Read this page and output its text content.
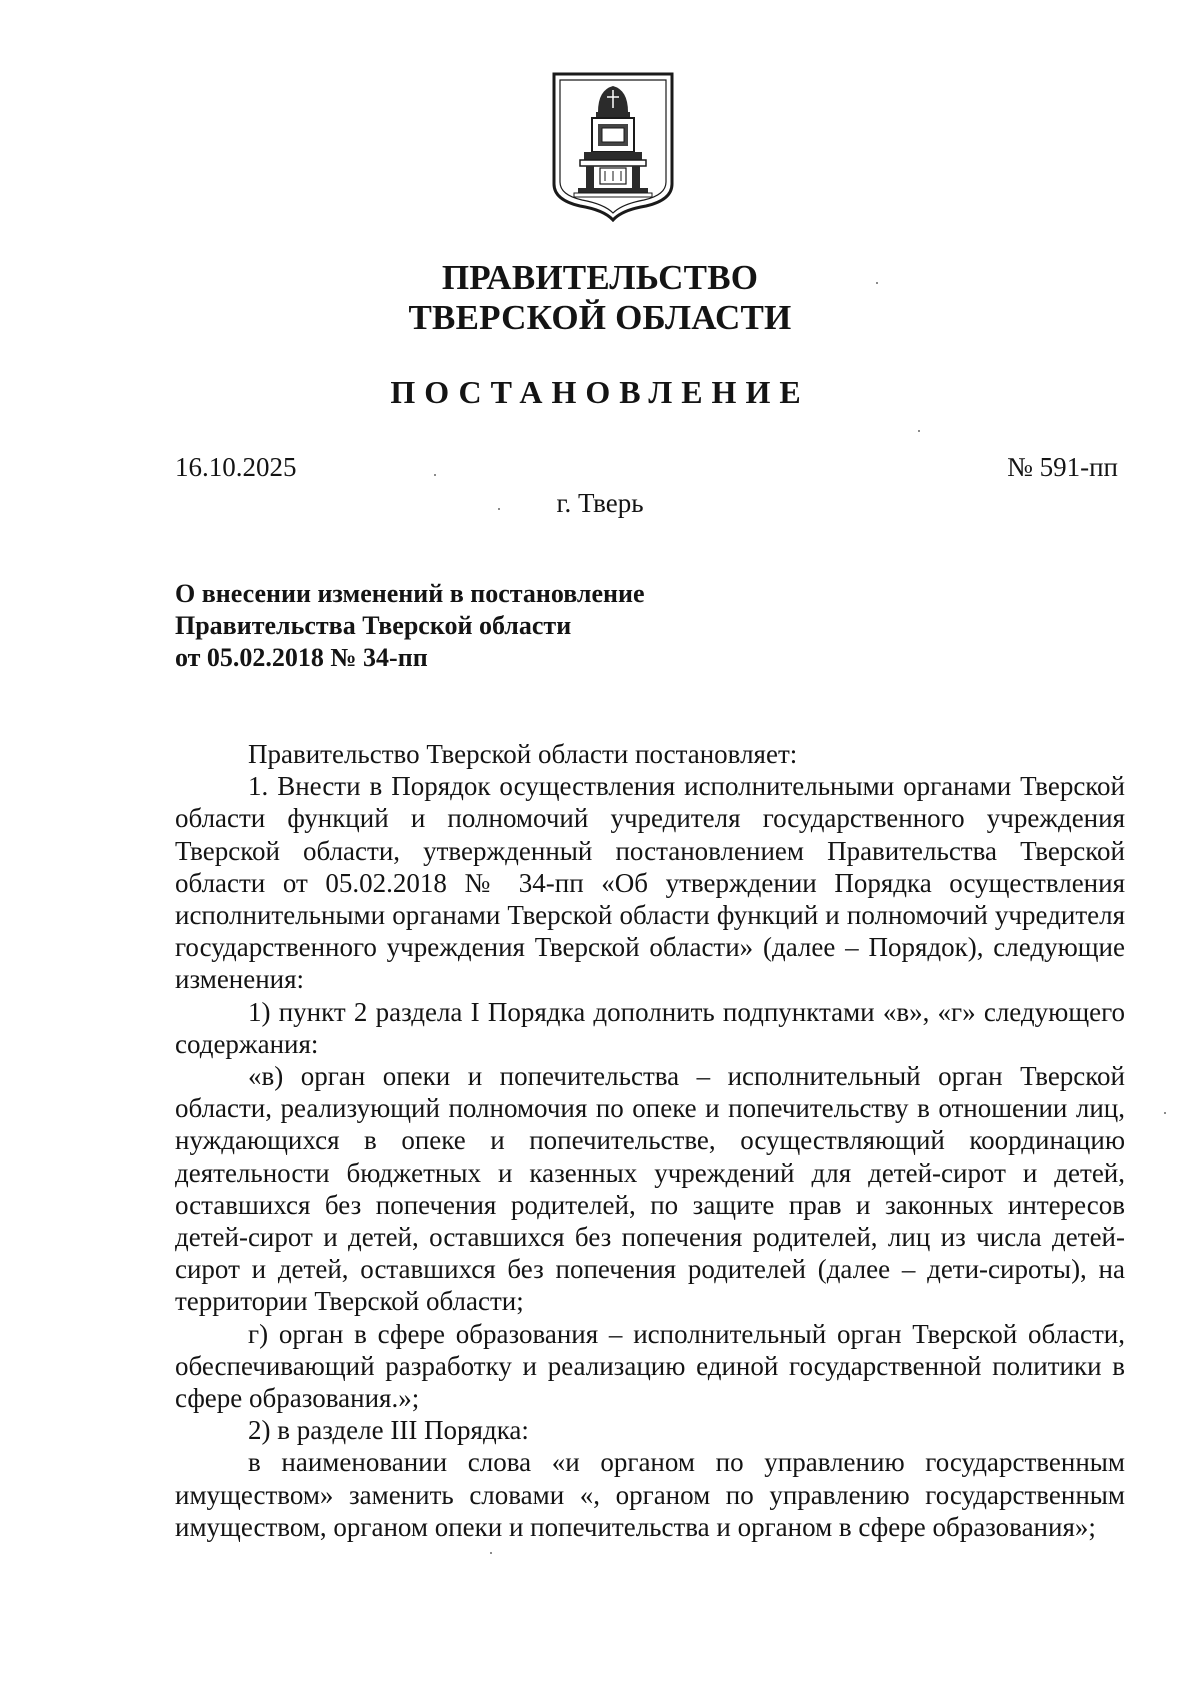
ПРАВИТЕЛЬСТВО
ТВЕРСКОЙ ОБЛАСТИ
ПОСТАНОВЛЕНИЕ
16.10.2025	№ 591-пп
г. Тверь
О внесении изменений в постановление
Правительства Тверской области
от 05.02.2018 № 34-пп

Правительство Тверской области постановляет:

1. Внести в Порядок осуществления исполнительными органами Тверской области функций и полномочий учредителя государственного учреждения Тверской области, утвержденный постановлением Правительства Тверской области от 05.02.2018 № 34-пп «Об утверждении Порядка осуществления исполнительными органами Тверской области функций и полномочий учредителя государственного учреждения Тверской области» (далее – Порядок), следующие изменения:

1) пункт 2 раздела I Порядка дополнить подпунктами «в», «г» следующего содержания:

«в) орган опеки и попечительства – исполнительный орган Тверской области, реализующий полномочия по опеке и попечительству в отношении лиц, нуждающихся в опеке и попечительстве, осуществляющий координацию деятельности бюджетных и казенных учреждений для детей-сирот и детей, оставшихся без попечения родителей, по защите прав и законных интересов детей-сирот и детей, оставшихся без попечения родителей, лиц из числа детей-сирот и детей, оставшихся без попечения родителей (далее – дети-сироты), на территории Тверской области;

г) орган в сфере образования – исполнительный орган Тверской области, обеспечивающий разработку и реализацию единой государственной политики в сфере образования.»;

2) в разделе III Порядка:

в наименовании слова «и органом по управлению государственным имуществом» заменить словами «, органом по управлению государственным имуществом, органом опеки и попечительства и органом в сфере образования»;
